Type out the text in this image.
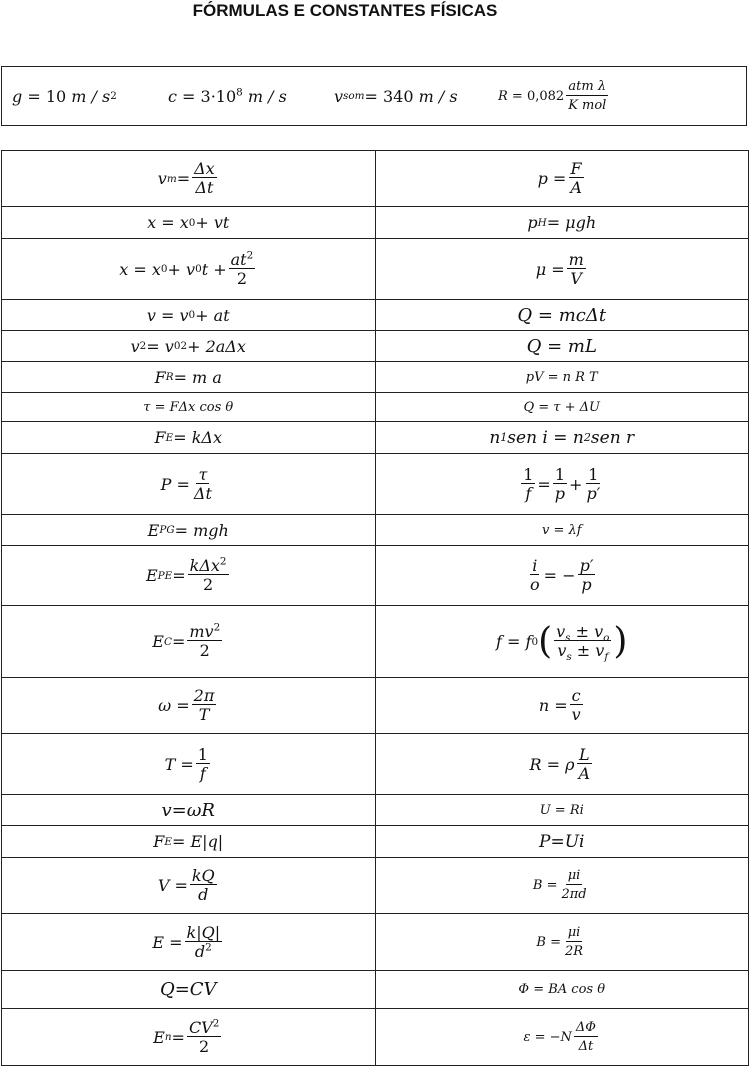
FÓRMULAS E CONSTANTES FÍSICAS
g = 10 m / s 2	$c = 3\cdot 10^8$ m / s	v som = 340 m / s	$R = 0,082 \frac{\text{atm λ}}{\text{K mol}}$
v $m = \frac{\Delta x}{\Delta t}$	$p = \frac{F}{A}$
x = x 0 + vt	p H = μgh
x = x 0 + v 0 $t + \frac{at^2}{2}$	$\mu = \frac{m}{V}$
v = v 0 + at	Q = mcΔt
v 2 = v 0 2 + 2aΔx	Q = mL
F R = m a	pV = n R T
τ = FΔx cos θ	Q = τ + ΔU
F E = kΔx	n 1 sen i = n 2 sen r
$P = \frac{\tau}{\Delta t}$	$\frac{1}{f} = \frac{1}{p} + \frac{1}{p'}$
E PG = mgh	v = λf
E PE = $\frac{k\Delta x^2}{2}$	$\frac{i}{o}$ = − $\frac{p'}{p}$
E $C = \frac{mv^2}{2}$	f = f 0 ( $\frac{v_s \pm v_o}{v_s \pm v_f}$ )
$\omega = \frac{2\pi}{T}$	$n = \frac{c}{v}$
$T = \frac{1}{f}$	R = ρ $\frac{L}{A}$
v=ωR	U = Ri
F E = E|q|	P=Ui
$V = \frac{kQ}{d}$	$B = \frac{\mu i}{2\pi d}$
$E = \frac{k|Q|}{d^2}$	$B = \frac{\mu i}{2R}$
Q=CV	Φ = BA cos θ
E $n = \frac{CV^2}{2}$	$\varepsilon = -N \frac{\Delta\Phi}{\Delta t}$
